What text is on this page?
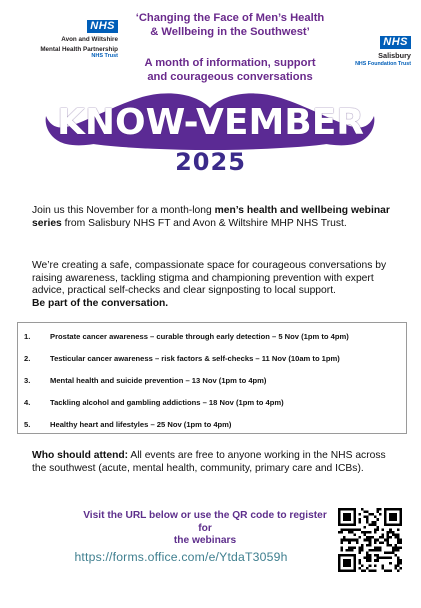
NHS
Avon and Wiltshire
Mental Health Partnership
NHS Trust
NHS
Salisbury
NHS Foundation Trust
‘Changing the Face of Men’s Health
& Wellbeing in the Southwest’
A month of information, support
and courageous conversations
KNOW-VEMBER
2025
Join us this November for a month-long men’s health and wellbeing webinar series from Salisbury NHS FT and Avon & Wiltshire MHP NHS Trust.
We’re creating a safe, compassionate space for courageous conversations by raising awareness, tackling stigma and championing prevention with expert advice, practical self-checks and clear signposting to local support.
Be part of the conversation.
1.	Prostate cancer awareness – curable through early detection – 5 Nov (1pm to 4pm)
2.	Testicular cancer awareness – risk factors & self-checks – 11 Nov (10am to 1pm)
3.	Mental health and suicide prevention – 13 Nov (1pm to 4pm)
4.	Tackling alcohol and gambling addictions – 18 Nov (1pm to 4pm)
5.	Healthy heart and lifestyles – 25 Nov (1pm to 4pm)
Who should attend: All events are free to anyone working in the NHS across the southwest (acute, mental health, community, primary care and ICBs).
Visit the URL below or use the QR code to register for
the webinars
https://forms.office.com/e/YtdaT3059h
